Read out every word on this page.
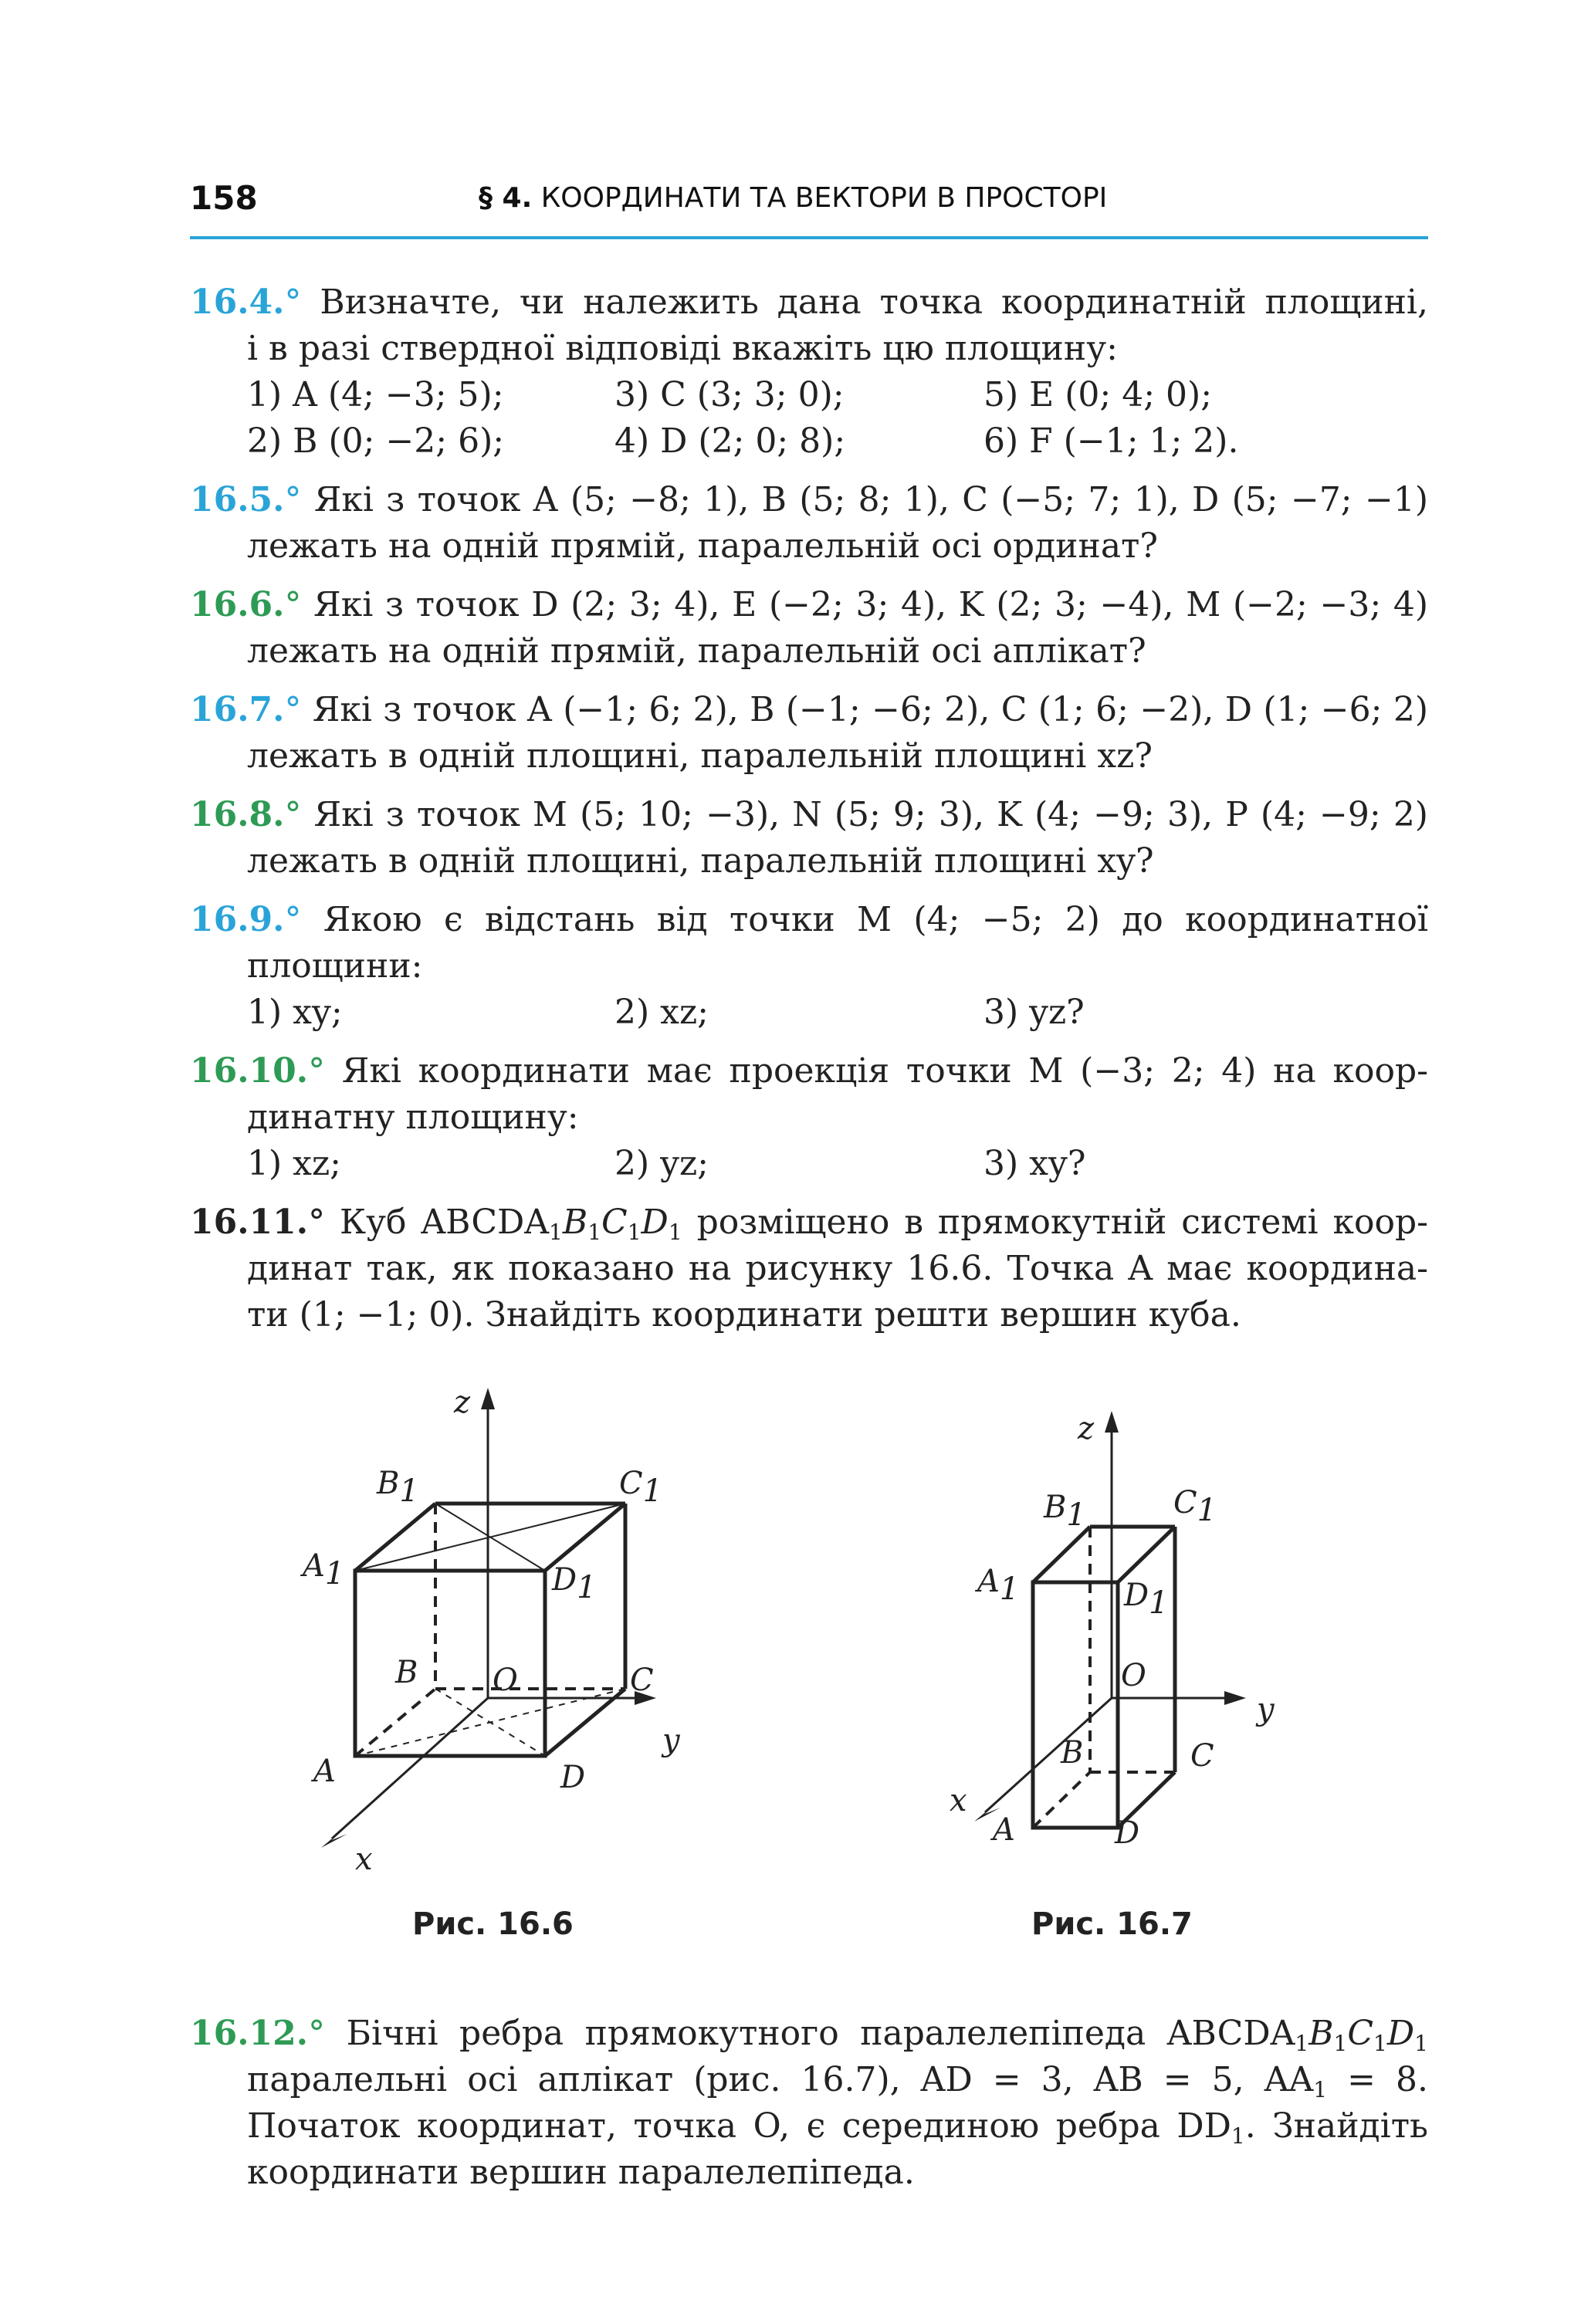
158	§ 4. КООРДИНАТИ ТА ВЕКТОРИ В ПРОСТОРІ
16.4.° Визначте, чи належить дана точка координатній площині,
і в разі ствердної відповіді вкажіть цю площину:
1) A (4; −3; 5);	3) C (3; 3; 0);	5) E (0; 4; 0);
2) B (0; −2; 6);	4) D (2; 0; 8);	6) F (−1; 1; 2).
16.5.° Які з точок A (5; −8; 1), B (5; 8; 1), C (−5; 7; 1), D (5; −7; −1)
лежать на одній прямій, паралельній осі ординат?
16.6.° Які з точок D (2; 3; 4), E (−2; 3; 4), K (2; 3; −4), M (−2; −3; 4)
лежать на одній прямій, паралельній осі аплікат?
16.7.° Які з точок A (−1; 6; 2), B (−1; −6; 2), C (1; 6; −2), D (1; −6; 2)
лежать в одній площині, паралельній площині xz?
16.8.° Які з точок M (5; 10; −3), N (5; 9; 3), K (4; −9; 3), P (4; −9; 2)
лежать в одній площині, паралельній площині xy?
16.9.° Якою є відстань від точки M (4; −5; 2) до координатної
площини:
1) xy;	2) xz;	3) yz?
16.10.° Які координати має проекція точки M (−3; 2; 4) на коор-
динатну площину:
1) xz;	2) yz;	3) xy?
16.11.° Куб $ABCDA_1B_1C_1D_1$ розміщено в прямокутній системі коор-
динат так, як показано на рисунку 16.6. Точка A має координа-
ти (1; −1; 0). Знайдіть координати решти вершин куба.
z
B1	C1
A1	D1
B O	C
y
A	D
x
Рис. 16.6
z
B1	C1
A1	D1
O
y
B	C
x
A	D
Рис. 16.7
16.12.° Бічні ребра прямокутного паралелепіпеда $ABCDA_1B_1C_1D_1$
паралельні осі аплікат (рис. 16.7), AD = 3, AB = 5, $AA_1 = 8$.
Початок координат, точка O, є серединою ребра $DD_1$. Знайдіть
координати вершин паралелепіпеда.
